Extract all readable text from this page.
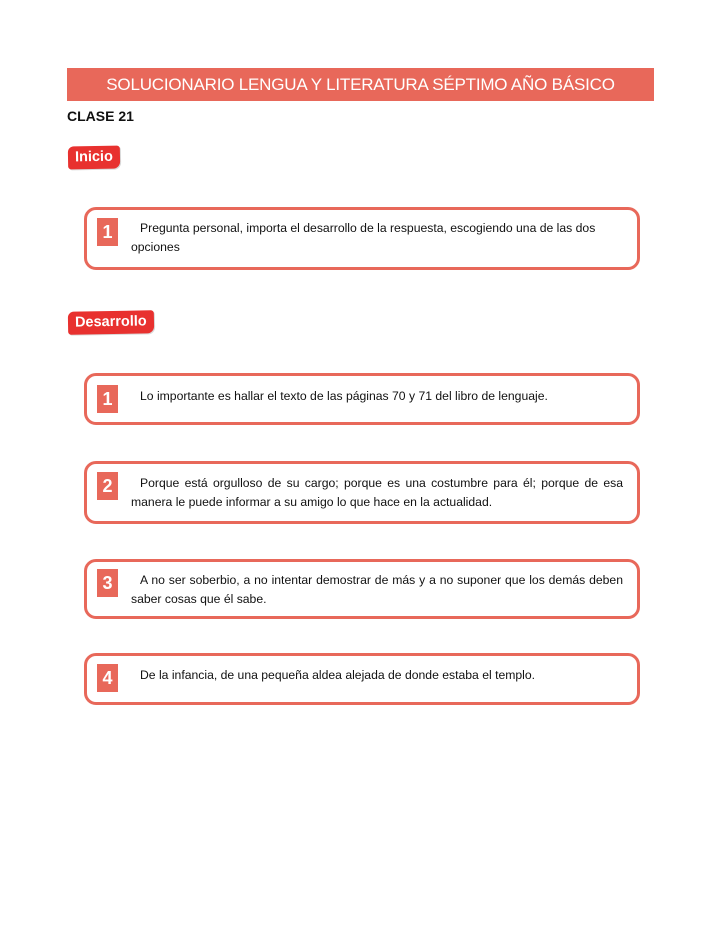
SOLUCIONARIO LENGUA Y LITERATURA SÉPTIMO AÑO BÁSICO
CLASE 21
Inicio
1	Pregunta personal, importa el desarrollo de la respuesta, escogiendo una de las dos opciones
Desarrollo
1	Lo importante es hallar el texto de las páginas 70 y 71 del libro de lenguaje.
2	Porque está orgulloso de su cargo; porque es una costumbre para él; porque de esa manera le puede informar a su amigo lo que hace en la actualidad.
3	A no ser soberbio, a no intentar demostrar de más y a no suponer que los demás deben saber cosas que él sabe.
4	De la infancia, de una pequeña aldea alejada de donde estaba el templo.
